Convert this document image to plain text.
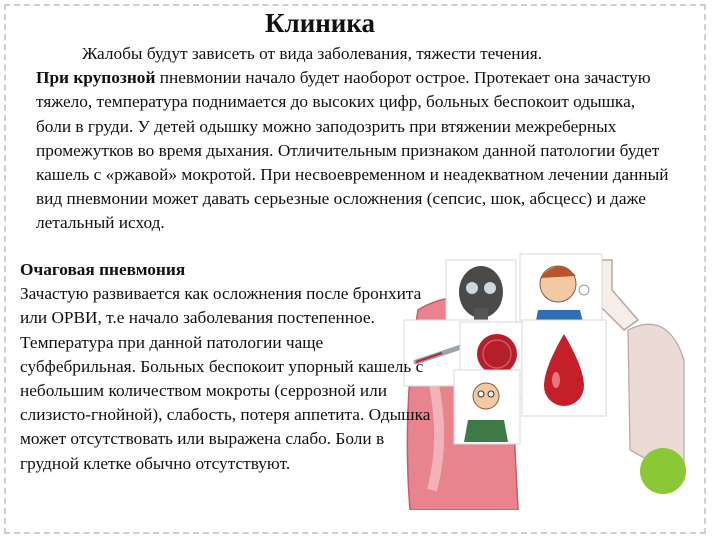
Клиника

Жалобы будут зависеть от вида заболевания, тяжести течения.

При крупозной пневмонии начало будет наоборот острое. Протекает она зачастую тяжело, температура поднимается до высоких цифр, больных беспокоит одышка, боли в груди. У детей одышку можно заподозрить при втяжении межреберных промежутков во время дыхания. Отличительным признаком данной патологии будет кашель с «ржавой» мокротой. При несвоевременном и неадекватном лечении данный вид пневмонии может давать серьезные осложнения (сепсис, шок, абсцесс) и даже летальный исход.

Очаговая пневмония
Зачастую развивается как осложнения после бронхита или ОРВИ, т.е начало заболевания постепенное. Температура при данной патологии чаще субфебрильная. Больных беспокоит упорный кашель с небольшим количеством мокроты (серрозной или слизисто-гнойной), слабость, потеря аппетита. Одышка может отсутствовать или выражена слабо. Боли в грудной клетке обычно отсутствуют.
